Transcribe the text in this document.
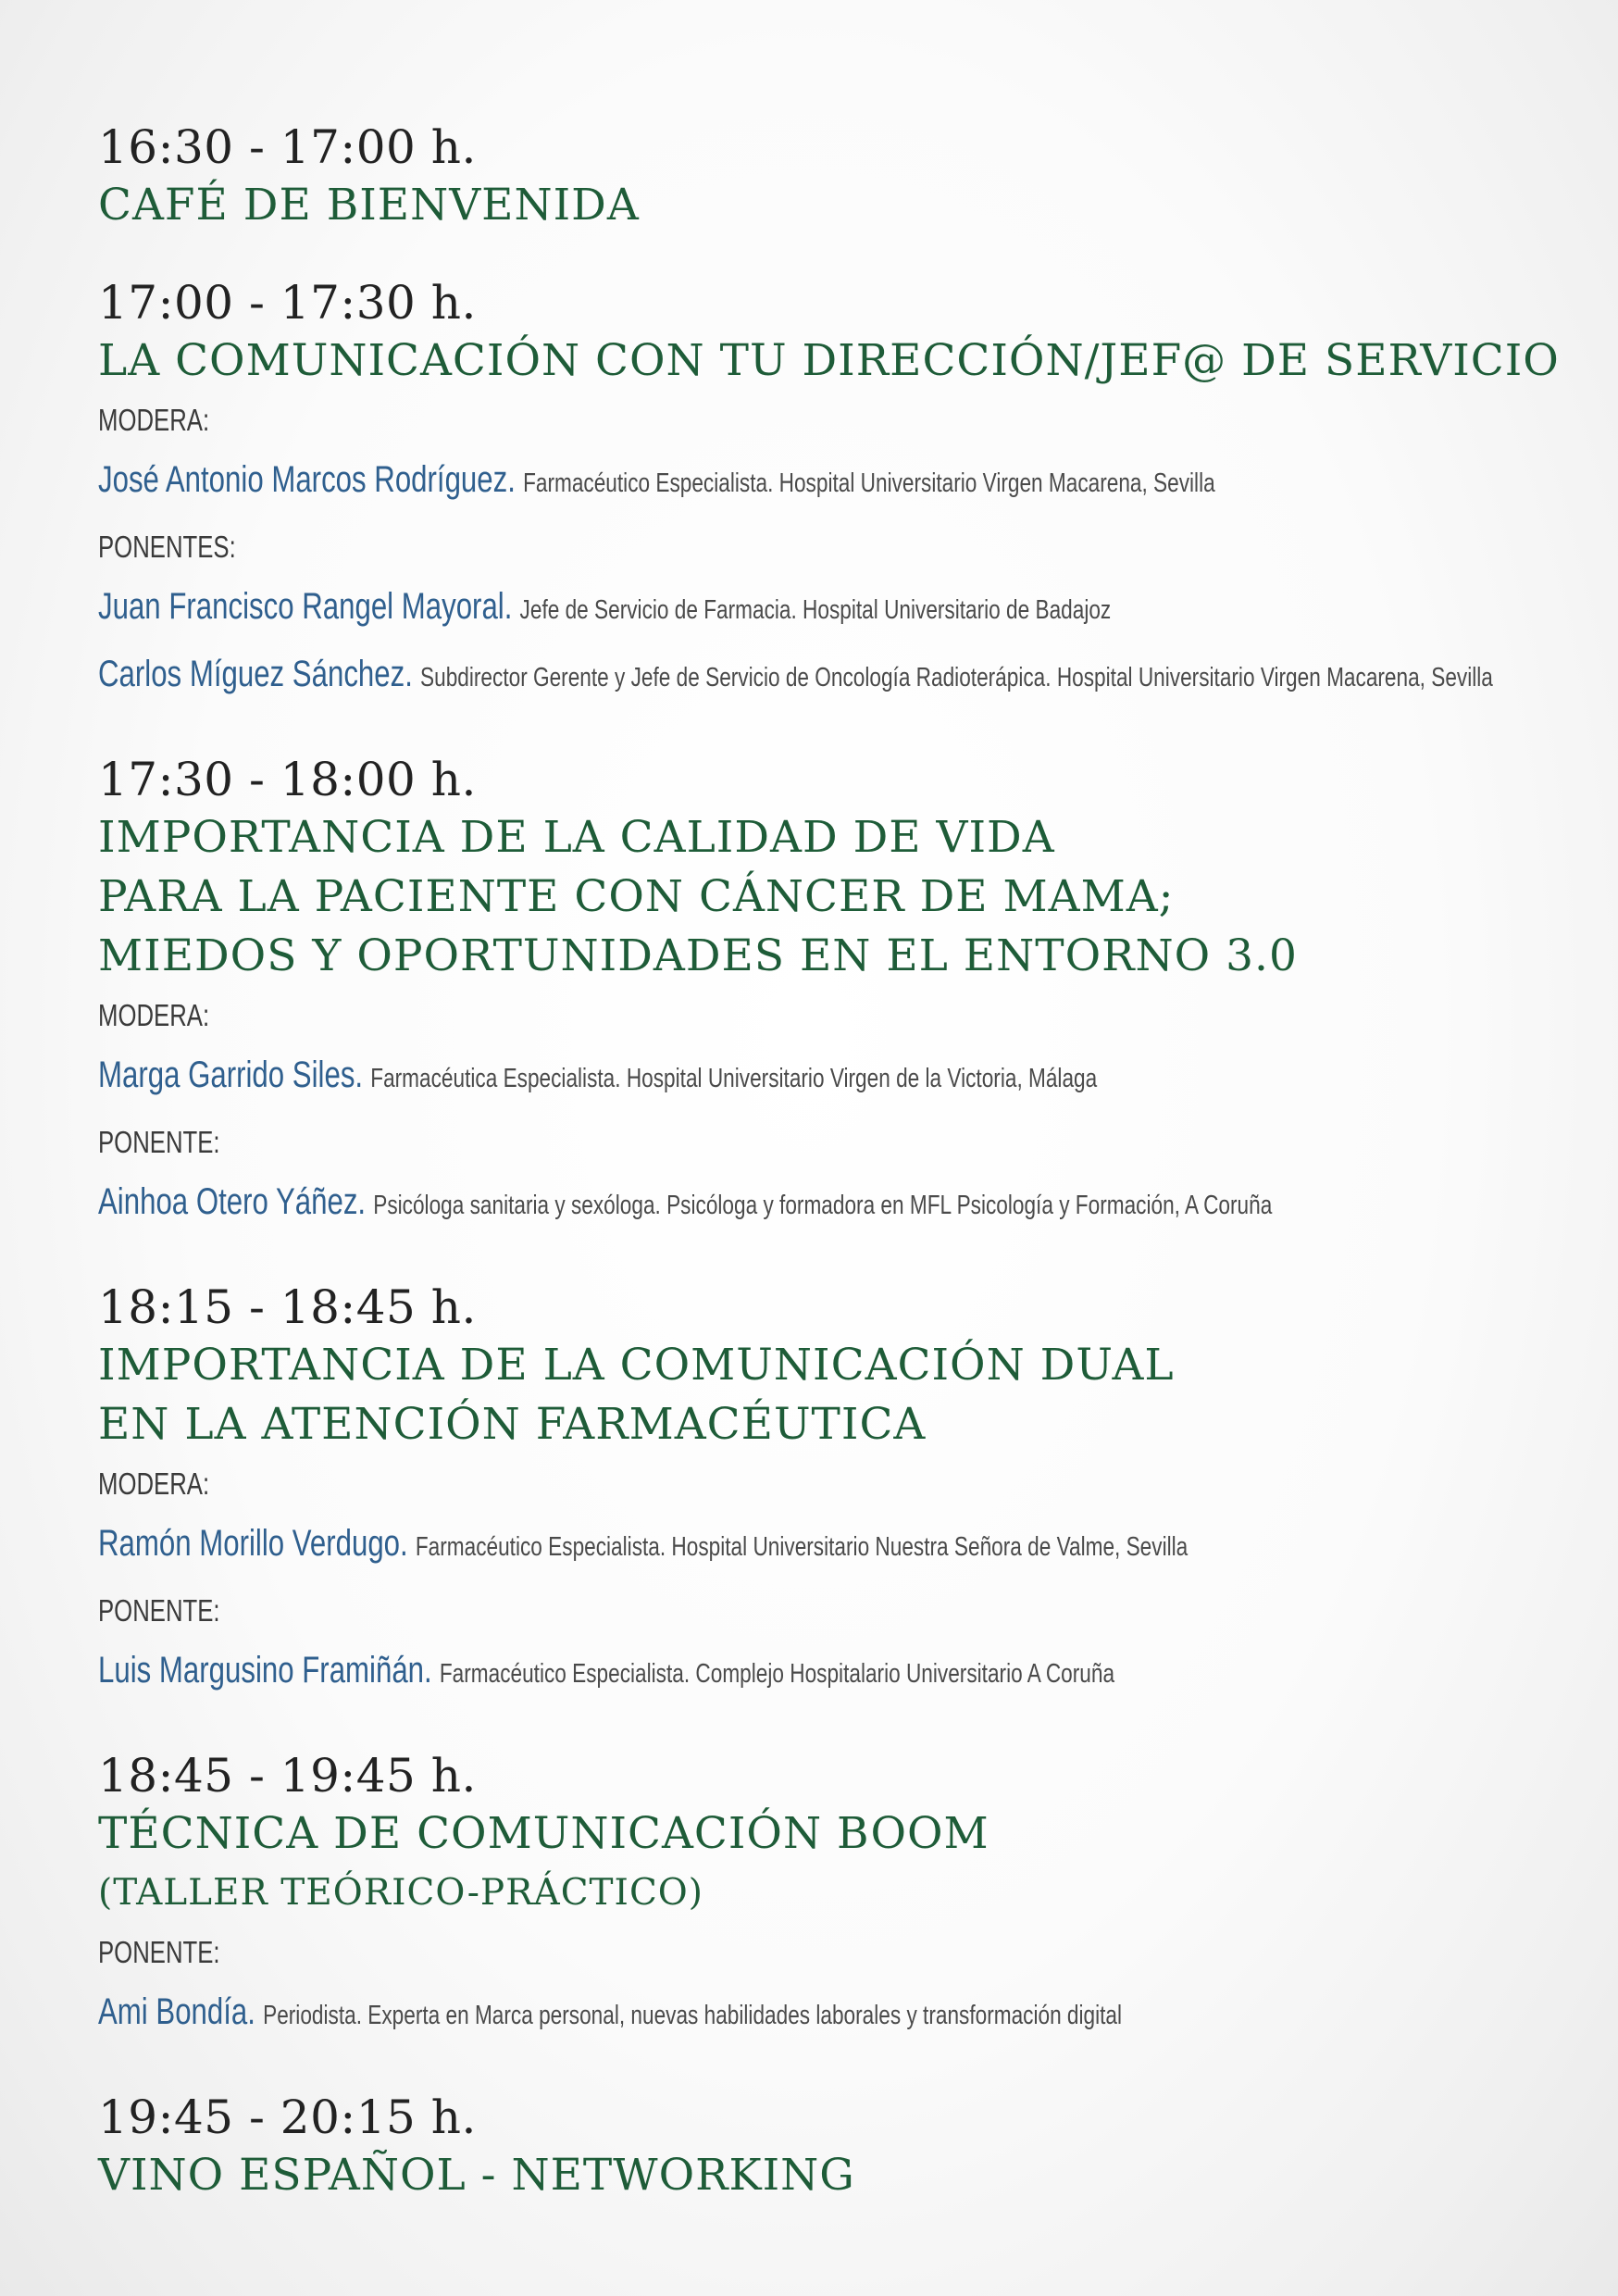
16:30 - 17:00 h.
CAFÉ DE BIENVENIDA
17:00 - 17:30 h.
LA COMUNICACIÓN CON TU DIRECCIÓN/JEF@ DE SERVICIO
MODERA:
José Antonio Marcos Rodríguez. Farmacéutico Especialista. Hospital Universitario Virgen Macarena, Sevilla
PONENTES:
Juan Francisco Rangel Mayoral. Jefe de Servicio de Farmacia. Hospital Universitario de Badajoz
Carlos Míguez Sánchez. Subdirector Gerente y Jefe de Servicio de Oncología Radioterápica. Hospital Universitario Virgen Macarena, Sevilla
17:30 - 18:00 h.
IMPORTANCIA DE LA CALIDAD DE VIDA
PARA LA PACIENTE CON CÁNCER DE MAMA;
MIEDOS Y OPORTUNIDADES EN EL ENTORNO 3.0
MODERA:
Marga Garrido Siles. Farmacéutica Especialista. Hospital Universitario Virgen de la Victoria, Málaga
PONENTE:
Ainhoa Otero Yáñez. Psicóloga sanitaria y sexóloga. Psicóloga y formadora en MFL Psicología y Formación, A Coruña
18:15 - 18:45 h.
IMPORTANCIA DE LA COMUNICACIÓN DUAL
EN LA ATENCIÓN FARMACÉUTICA
MODERA:
Ramón Morillo Verdugo. Farmacéutico Especialista. Hospital Universitario Nuestra Señora de Valme, Sevilla
PONENTE:
Luis Margusino Framiñán. Farmacéutico Especialista. Complejo Hospitalario Universitario A Coruña
18:45 - 19:45 h.
TÉCNICA DE COMUNICACIÓN BOOM
(TALLER TEÓRICO-PRÁCTICO)
PONENTE:
Ami Bondía. Periodista. Experta en Marca personal, nuevas habilidades laborales y transformación digital
19:45 - 20:15 h.
VINO ESPAÑOL - NETWORKING
